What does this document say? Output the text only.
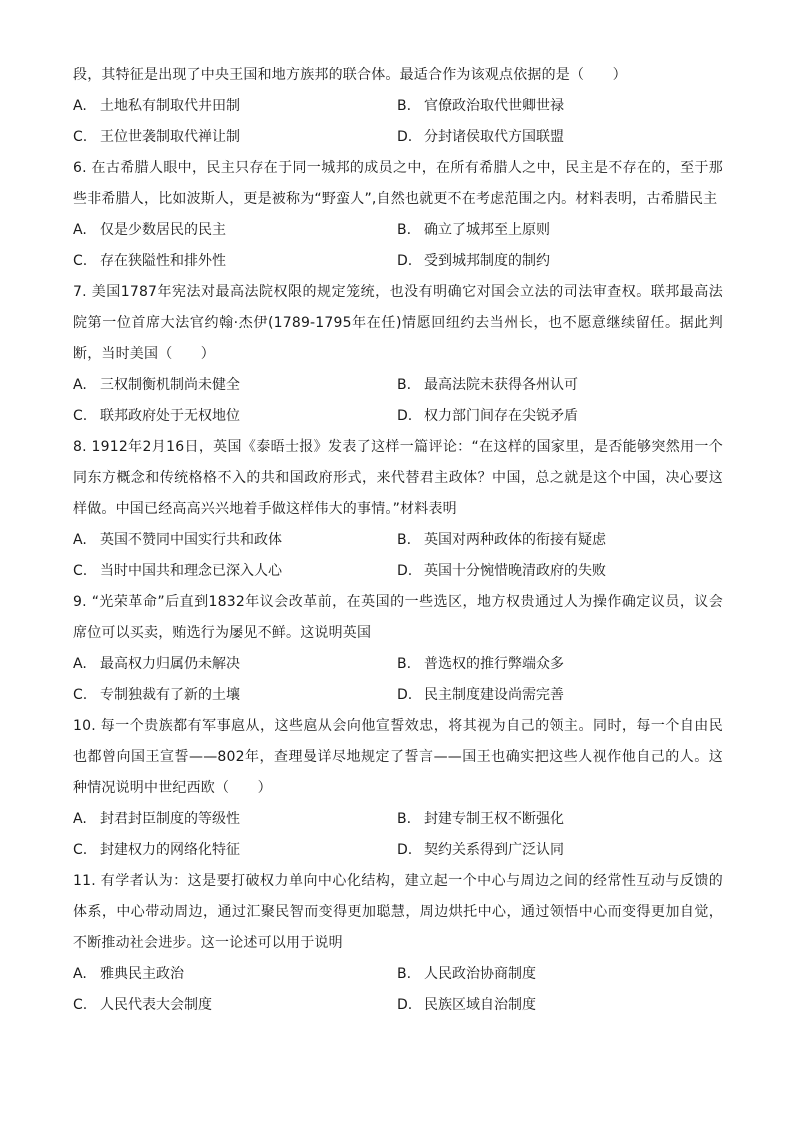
段，其特征是出现了中央王国和地方族邦的联合体。最适合作为该观点依据的是（　　）

A. 土地私有制取代井田制	B. 官僚政治取代世卿世禄
C. 王位世袭制取代禅让制	D. 分封诸侯取代方国联盟

6. 在古希腊人眼中，民主只存在于同一城邦的成员之中，在所有希腊人之中，民主是不存在的，至于那些非希腊人，比如波斯人，更是被称为“野蛮人”,自然也就更不在考虑范围之内。材料表明，古希腊民主

A. 仅是少数居民的民主	B. 确立了城邦至上原则
C. 存在狭隘性和排外性	D. 受到城邦制度的制约

7. 美国1787年宪法对最高法院权限的规定笼统，也没有明确它对国会立法的司法审查权。联邦最高法院第一位首席大法官约翰·杰伊(1789-1795年在任)情愿回纽约去当州长，也不愿意继续留任。据此判断，当时美国（　　）

A. 三权制衡机制尚未健全	B. 最高法院未获得各州认可
C. 联邦政府处于无权地位	D. 权力部门间存在尖锐矛盾

8. 1912年2月16日，英国《泰晤士报》发表了这样一篇评论：“在这样的国家里，是否能够突然用一个同东方概念和传统格格不入的共和国政府形式，来代替君主政体？中国，总之就是这个中国，决心要这样做。中国已经高高兴兴地着手做这样伟大的事情。”材料表明

A. 英国不赞同中国实行共和政体	B. 英国对两种政体的衔接有疑虑
C. 当时中国共和理念已深入人心	D. 英国十分惋惜晚清政府的失败

9. “光荣革命”后直到1832年议会改革前，在英国的一些选区，地方权贵通过人为操作确定议员，议会席位可以买卖，贿选行为屡见不鲜。这说明英国

A. 最高权力归属仍未解决	B. 普选权的推行弊端众多
C. 专制独裁有了新的土壤	D. 民主制度建设尚需完善

10. 每一个贵族都有军事扈从，这些扈从会向他宣誓效忠，将其视为自己的领主。同时，每一个自由民也都曾向国王宣誓——802年，查理曼详尽地规定了誓言——国王也确实把这些人视作他自己的人。这种情况说明中世纪西欧（　　）

A. 封君封臣制度的等级性	B. 封建专制王权不断强化
C. 封建权力的网络化特征	D. 契约关系得到广泛认同

11. 有学者认为：这是要打破权力单向中心化结构，建立起一个中心与周边之间的经常性互动与反馈的体系，中心带动周边，通过汇聚民智而变得更加聪慧，周边烘托中心，通过领悟中心而变得更加自觉，不断推动社会进步。这一论述可以用于说明

A. 雅典民主政治	B. 人民政治协商制度
C. 人民代表大会制度	D. 民族区域自治制度
